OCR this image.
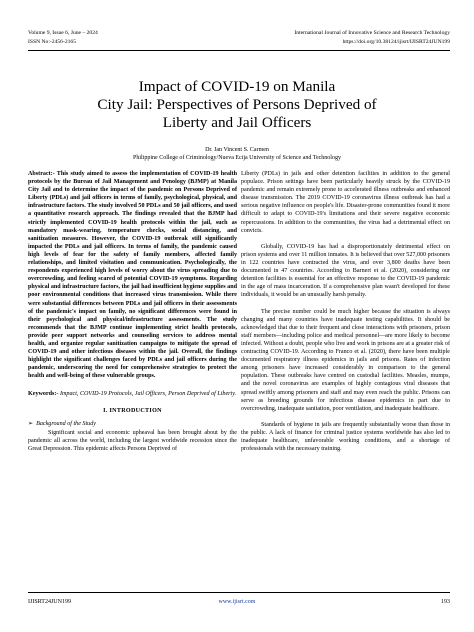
Volume 9, Issue 6, June – 2024	International Journal of Innovative Science and Research Technology
ISSN No:-2456-2165	https://doi.org/10.38124/ijisrt/IJISRT24JUN199
Impact of COVID-19 on Manila
City Jail: Perspectives of Persons Deprived of
Liberty and Jail Officers
Dr. Jan Vincent S. Carmen
Philippine College of Criminology/Nueva Ecija University of Science and Technology

Abstract:- This study aimed to assess the implementation of COVID-19 health protocols by the Bureau of Jail Management and Penology (BJMP) at Manila City Jail and to determine the impact of the pandemic on Persons Deprived of Liberty (PDLs) and jail officers in terms of family, psychological, physical, and infrastructure factors. The study involved 50 PDLs and 50 jail officers, and used a quantitative research approach. The findings revealed that the BJMP had strictly implemented COVID-19 health protocols within the jail, such as mandatory mask-wearing, temperature checks, social distancing, and sanitization measures. However, the COVID-19 outbreak still significantly impacted the PDLs and jail officers. In terms of family, the pandemic caused high levels of fear for the safety of family members, affected family relationships, and limited visitation and communication. Psychologically, the respondents experienced high levels of worry about the virus spreading due to overcrowding, and feeling scared of potential COVID-19 symptoms. Regarding physical and infrastructure factors, the jail had insufficient hygiene supplies and poor environmental conditions that increased virus transmission. While there were substantial differences between PDLs and jail officers in their assessments of the pandemic's impact on family, no significant differences were found in their psychological and physical/infrastructure assessments. The study recommends that the BJMP continue implementing strict health protocols, provide peer support networks and counseling services to address mental health, and organize regular sanitization campaigns to mitigate the spread of COVID-19 and other infectious diseases within the jail. Overall, the findings highlight the significant challenges faced by PDLs and jail officers during the pandemic, underscoring the need for comprehensive strategies to protect the health and well-being of these vulnerable groups.

Keywords:- Impact, COVID-19 Protocols, Jail Officers, Person Deprived of Liberty.

I. INTRODUCTION

➢ Background of the Study

Significant social and economic upheaval has been brought about by the pandemic all across the world, including the largest worldwide recession since the Great Depression. This epidemic affects Persons Deprived of

Liberty (PDLs) in jails and other detention facilities in addition to the general populace. Prison settings have been particularly heavily struck by the COVID-19 pandemic and remain extremely prone to accelerated illness outbreaks and enhanced disease transmission. The 2019 COVID-19 coronavirus illness outbreak has had a serious negative influence on people's life. Disaster-prone communities found it more difficult to adapt to COVID-19's limitations and their severe negative economic repercussions. In addition to the communities, the virus had a detrimental effect on convicts.

Globally, COVID-19 has had a disproportionately detrimental effect on prison systems and over 11 million inmates. It is believed that over 527,000 prisoners in 122 countries have contracted the virus, and over 3,800 deaths have been documented in 47 countries. According to Barnert et al. (2020), considering our detention facilities is essential for an effective response to the COVID-19 pandemic in the age of mass incarceration. If a comprehensive plan wasn't developed for these individuals, it would be an unusually harsh penalty.

The precise number could be much higher because the situation is always changing and many countries have inadequate testing capabilities. It should be acknowledged that due to their frequent and close interactions with prisoners, prison staff members—including police and medical personnel—are more likely to become infected. Without a doubt, people who live and work in prisons are at a greater risk of contracting COVID-19. According to Franco et al. (2020), there have been multiple documented respiratory illness epidemics in jails and prisons. Rates of infection among prisoners have increased considerably in comparison to the general population. These outbreaks have centred on custodial facilities. Measles, mumps, and the novel coronavirus are examples of highly contagious viral diseases that spread swiftly among prisoners and staff and may even reach the public. Prisons can serve as breeding grounds for infectious disease epidemics in part due to overcrowding, inadequate sanitation, poor ventilation, and inadequate healthcare.

Standards of hygiene in jails are frequently substantially worse than those in the public. A lack of finance for criminal justice systems worldwide has also led to inadequate healthcare, unfavorable working conditions, and a shortage of professionals with the necessary training.

IJISRT24JUN199	www.ijisrt.com	193
